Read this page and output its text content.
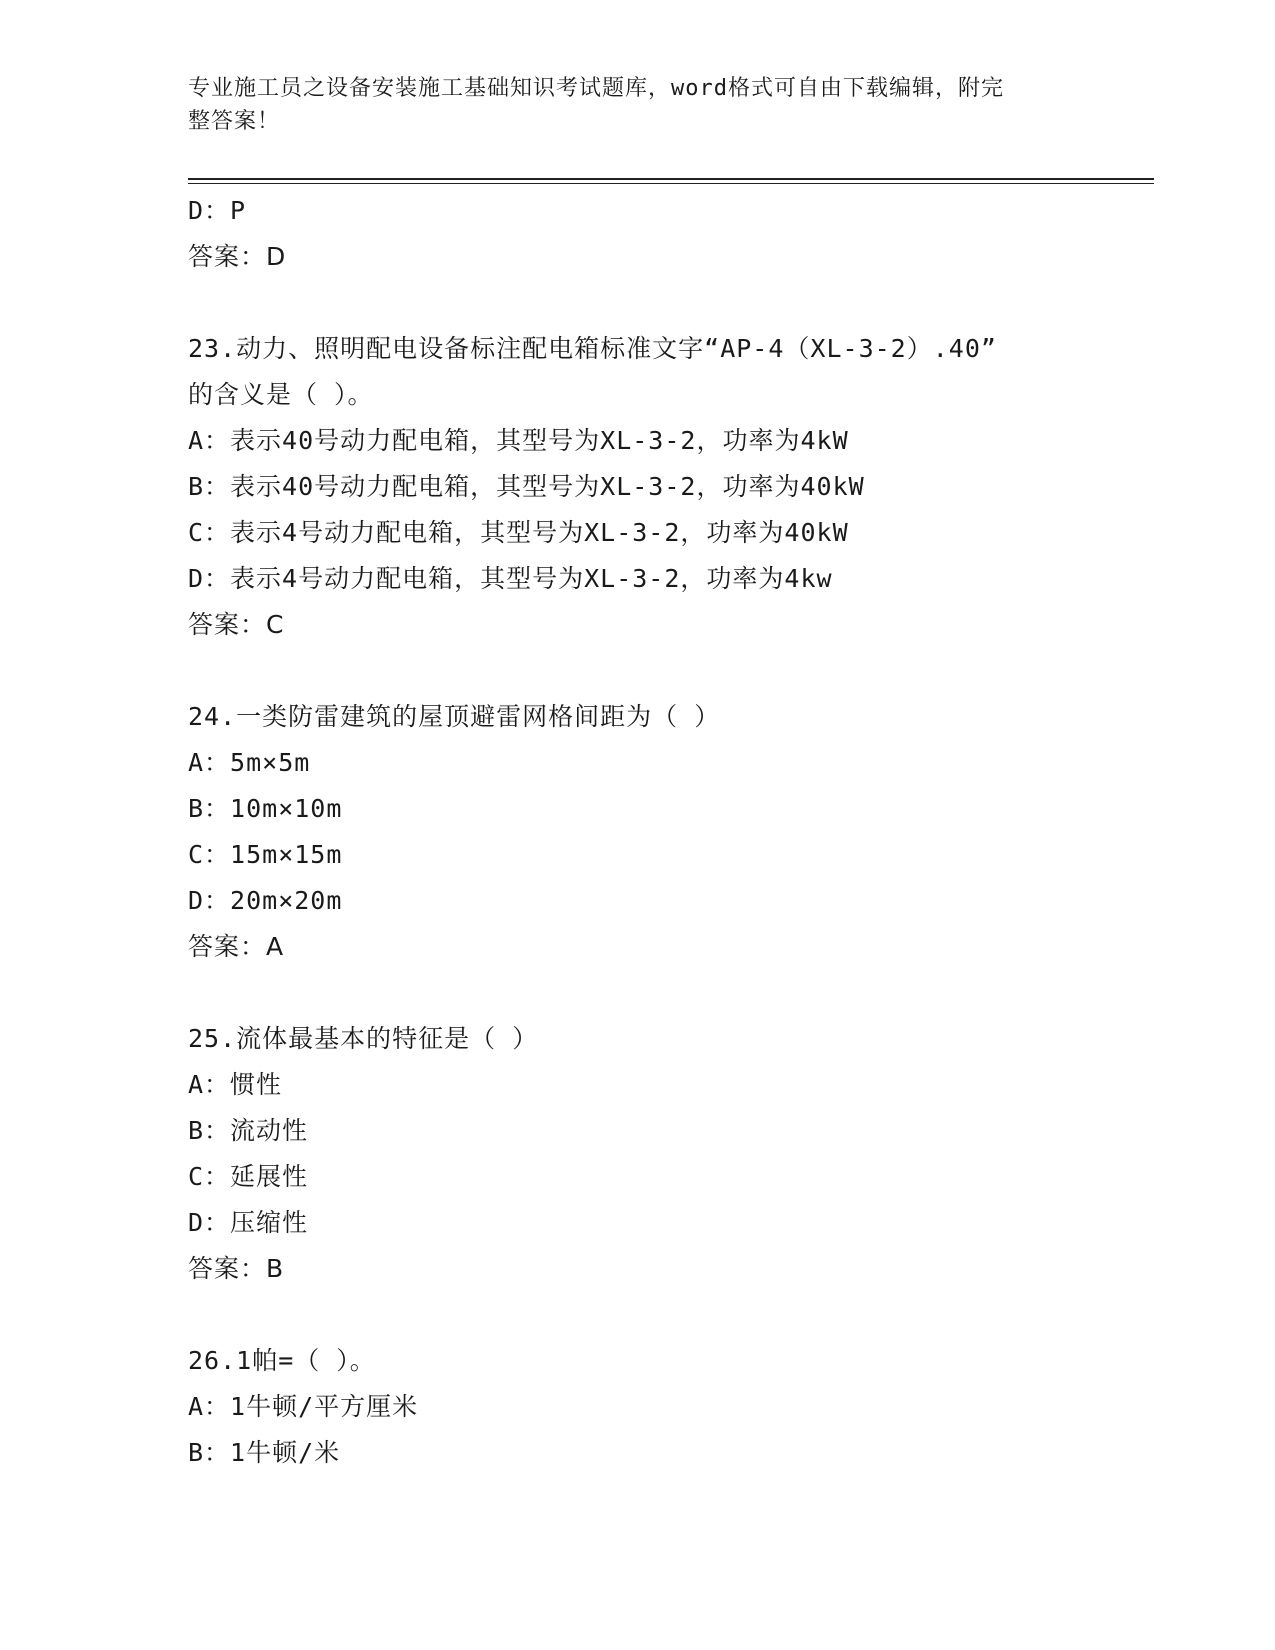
专业施工员之设备安装施工基础知识考试题库，word格式可自由下载编辑，附完
整答案！
D：P
答案：D
23.动力、照明配电设备标注配电箱标准文字“AP-4（XL-3-2）.40”
的含义是（ ）。
A：表示40号动力配电箱，其型号为XL-3-2，功率为4kW
B：表示40号动力配电箱，其型号为XL-3-2，功率为40kW
C：表示4号动力配电箱，其型号为XL-3-2，功率为40kW
D：表示4号动力配电箱，其型号为XL-3-2，功率为4kw
答案：C
24.一类防雷建筑的屋顶避雷网格间距为（ ）
A：5m×5m
B：10m×10m
C：15m×15m
D：20m×20m
答案：A
25.流体最基本的特征是（ ）
A：惯性
B：流动性
C：延展性
D：压缩性
答案：B
26.1帕=（ ）。
A：1牛顿/平方厘米
B：1牛顿/米
